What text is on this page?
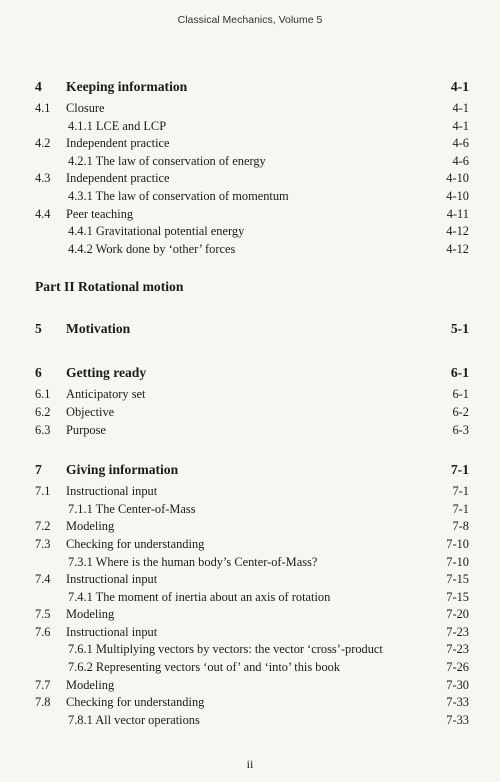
Classical Mechanics, Volume 5
4 Keeping information	4-1
4.1 Closure	4-1
4.1.1 LCE and LCP	4-1
4.2 Independent practice	4-6
4.2.1 The law of conservation of energy	4-6
4.3 Independent practice	4-10
4.3.1 The law of conservation of momentum	4-10
4.4 Peer teaching	4-11
4.4.1 Gravitational potential energy	4-12
4.4.2 Work done by ‘other’ forces	4-12
Part II Rotational motion
5 Motivation	5-1
6 Getting ready	6-1
6.1 Anticipatory set	6-1
6.2 Objective	6-2
6.3 Purpose	6-3
7 Giving information	7-1
7.1 Instructional input	7-1
7.1.1 The Center-of-Mass	7-1
7.2 Modeling	7-8
7.3 Checking for understanding	7-10
7.3.1 Where is the human body’s Center-of-Mass?	7-10
7.4 Instructional input	7-15
7.4.1 The moment of inertia about an axis of rotation	7-15
7.5 Modeling	7-20
7.6 Instructional input	7-23
7.6.1 Multiplying vectors by vectors: the vector ‘cross’-product	7-23
7.6.2 Representing vectors ‘out of’ and ‘into’ this book	7-26
7.7 Modeling	7-30
7.8 Checking for understanding	7-33
7.8.1 All vector operations	7-33
ii
